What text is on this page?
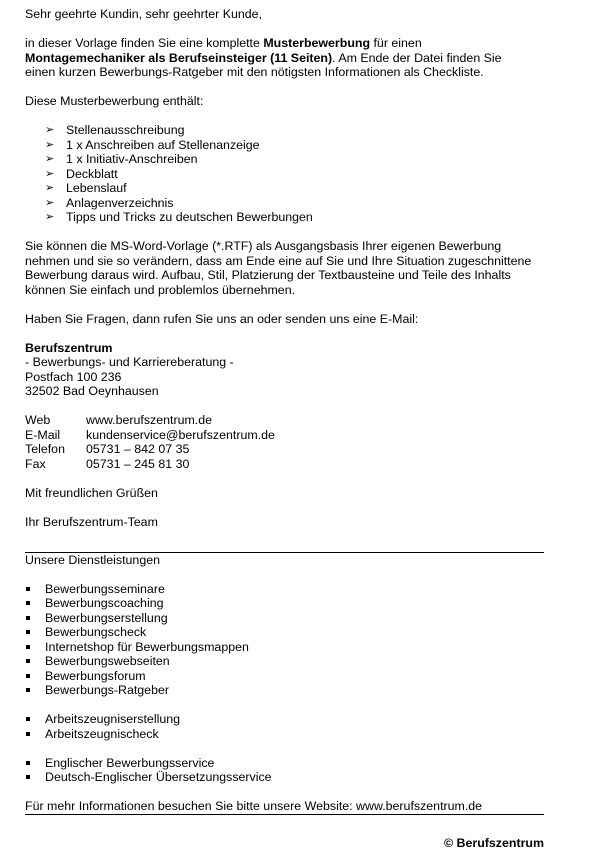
Sehr geehrte Kundin, sehr geehrter Kunde,

in dieser Vorlage finden Sie eine komplette Musterbewerbung für einen
Montagemechaniker als Berufseinsteiger (11 Seiten). Am Ende der Datei finden Sie
einen kurzen Bewerbungs-Ratgeber mit den nötigsten Informationen als Checkliste.

Diese Musterbewerbung enthält:

➢ Stellenausschreibung
➢ 1 x Anschreiben auf Stellenanzeige
➢ 1 x Initiativ-Anschreiben
➢ Deckblatt
➢ Lebenslauf
➢ Anlagenverzeichnis
➢ Tipps und Tricks zu deutschen Bewerbungen

Sie können die MS-Word-Vorlage (*.RTF) als Ausgangsbasis Ihrer eigenen Bewerbung
nehmen und sie so verändern, dass am Ende eine auf Sie und Ihre Situation zugeschnittene
Bewerbung daraus wird. Aufbau, Stil, Platzierung der Textbausteine und Teile des Inhalts
können Sie einfach und problemlos übernehmen.

Haben Sie Fragen, dann rufen Sie uns an oder senden uns eine E-Mail:

Berufszentrum

- Bewerbungs- und Karriereberatung -

Postfach 100 236

32502 Bad Oeynhausen

Web	www.berufszentrum.de
E-Mail	kundenservice@berufszentrum.de
Telefon	05731 – 842 07 35
Fax	05731 – 245 81 30

Mit freundlichen Grüßen

Ihr Berufszentrum-Team

Unsere Dienstleistungen

Bewerbungsseminare
Bewerbungscoaching
Bewerbungserstellung
Bewerbungscheck
Internetshop für Bewerbungsmappen
Bewerbungswebseiten
Bewerbungsforum
Bewerbungs-Ratgeber
Arbeitszeugniserstellung
Arbeitszeugnischeck
Englischer Bewerbungsservice
Deutsch-Englischer Übersetzungsservice

Für mehr Informationen besuchen Sie bitte unsere Website: www.berufszentrum.de

© Berufszentrum
